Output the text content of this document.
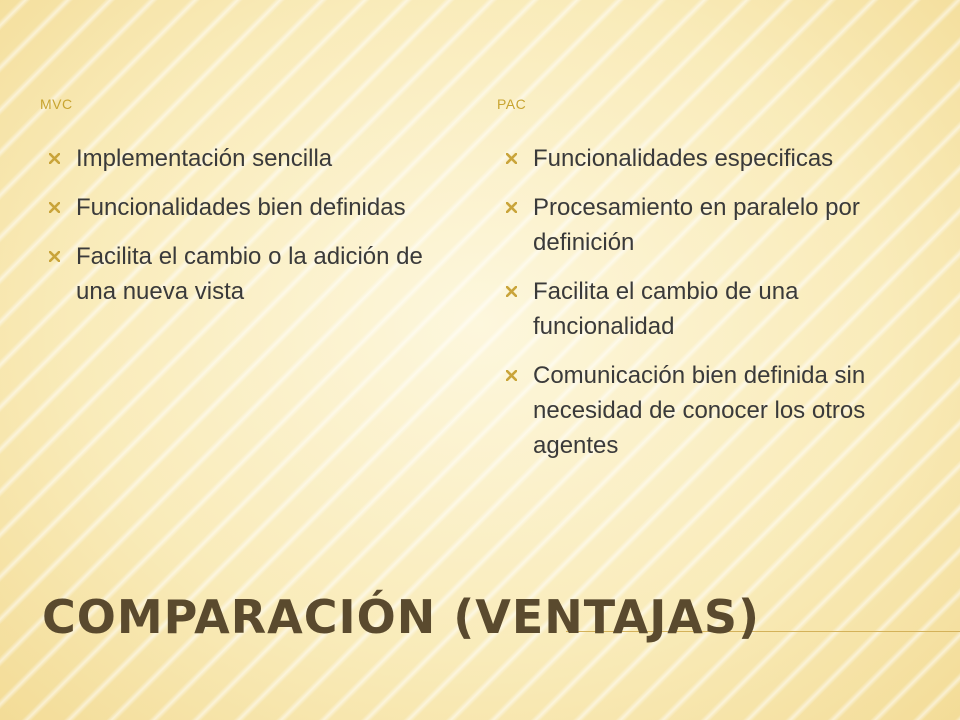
MVC
Implementación sencilla
Funcionalidades bien definidas
Facilita el cambio o la adición de una nueva vista
PAC
Funcionalidades especificas
Procesamiento en paralelo por definición
Facilita el cambio de una funcionalidad
Comunicación bien definida sin necesidad de conocer los otros agentes
COMPARACIÓN (VENTAJAS)
